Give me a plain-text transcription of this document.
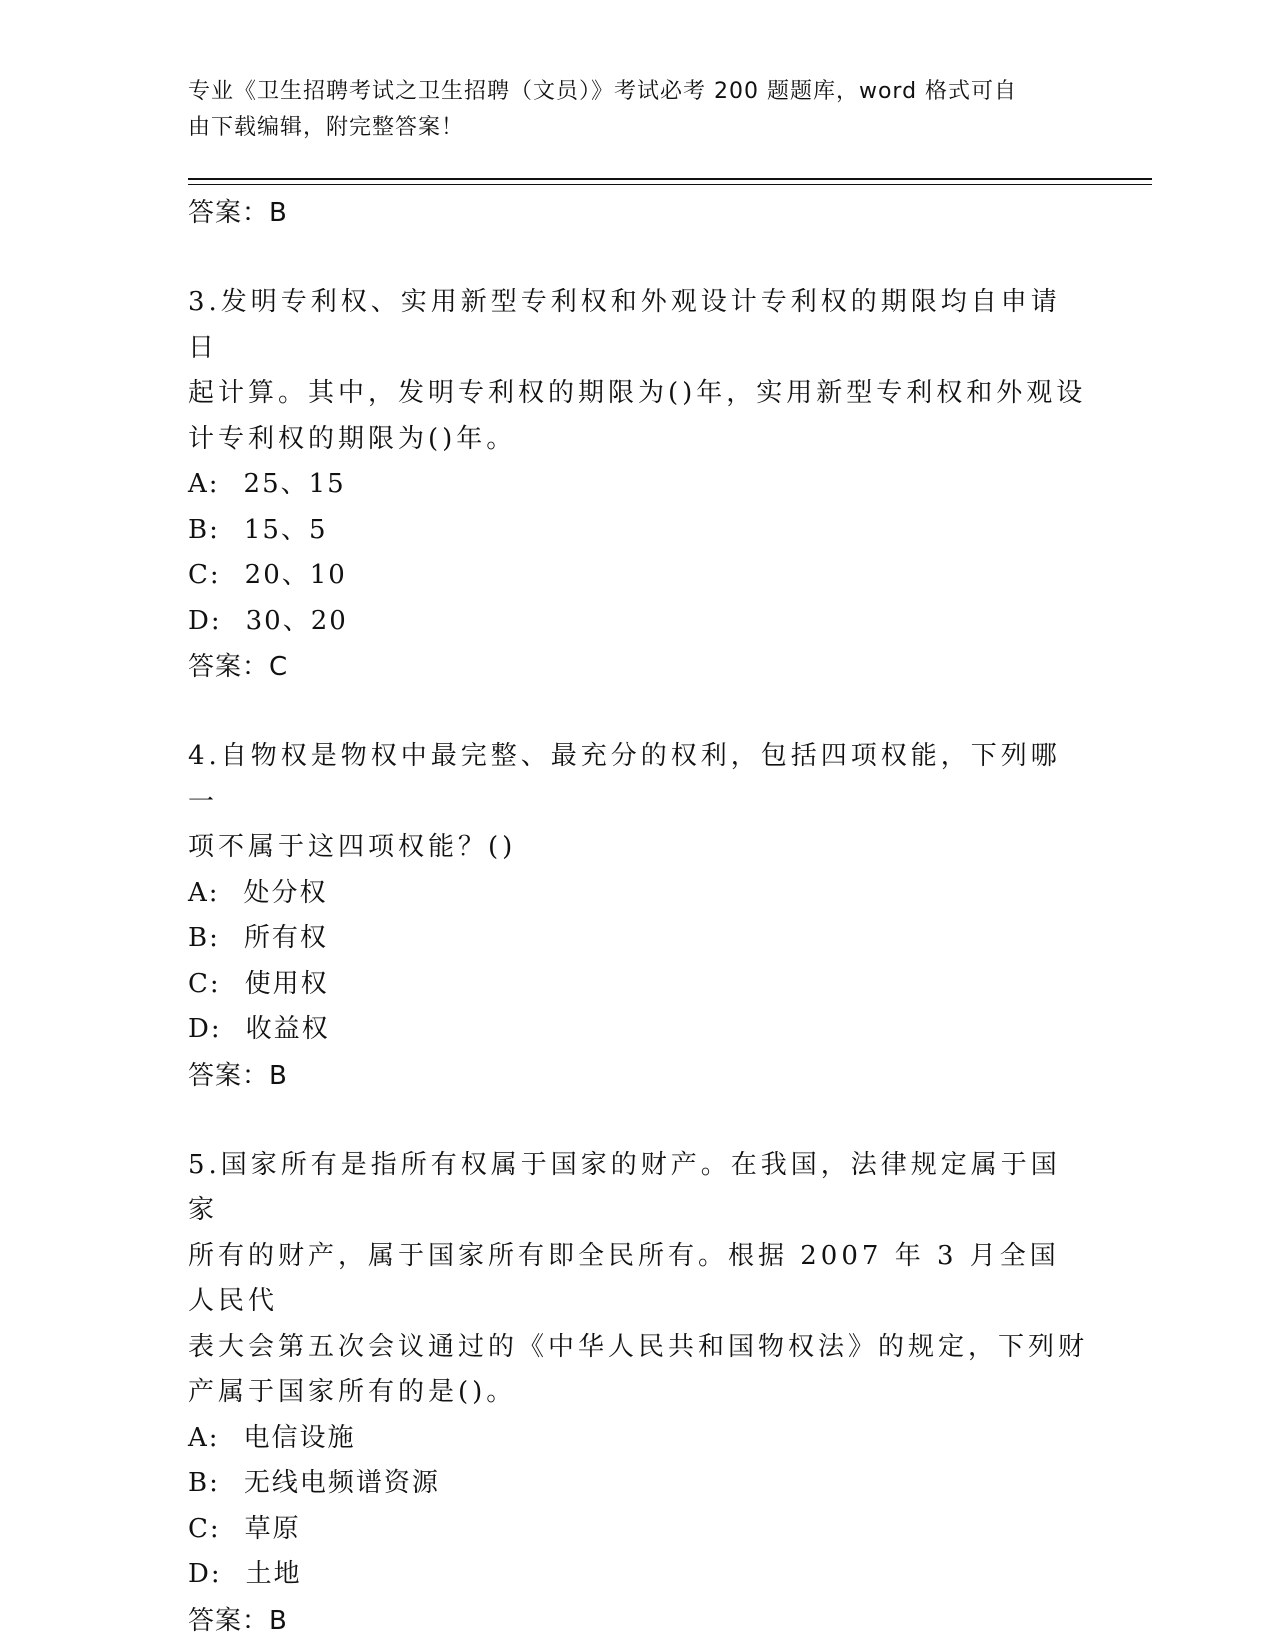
专业《卫生招聘考试之卫生招聘（文员）》考试必考 200 题题库，word 格式可自
由下载编辑，附完整答案！
答案：B
3.发明专利权、实用新型专利权和外观设计专利权的期限均自申请日
起计算。其中，发明专利权的期限为()年，实用新型专利权和外观设
计专利权的期限为()年。
A: 25、15
B: 15、5
C: 20、10
D: 30、20
答案：C
4.自物权是物权中最完整、最充分的权利，包括四项权能，下列哪一
项不属于这四项权能？()
A: 处分权
B: 所有权
C: 使用权
D: 收益权
答案：B
5.国家所有是指所有权属于国家的财产。在我国，法律规定属于国家
所有的财产，属于国家所有即全民所有。根据 2007 年 3 月全国人民代
表大会第五次会议通过的《中华人民共和国物权法》的规定，下列财
产属于国家所有的是()。
A: 电信设施
B: 无线电频谱资源
C: 草原
D: 土地
答案：B
